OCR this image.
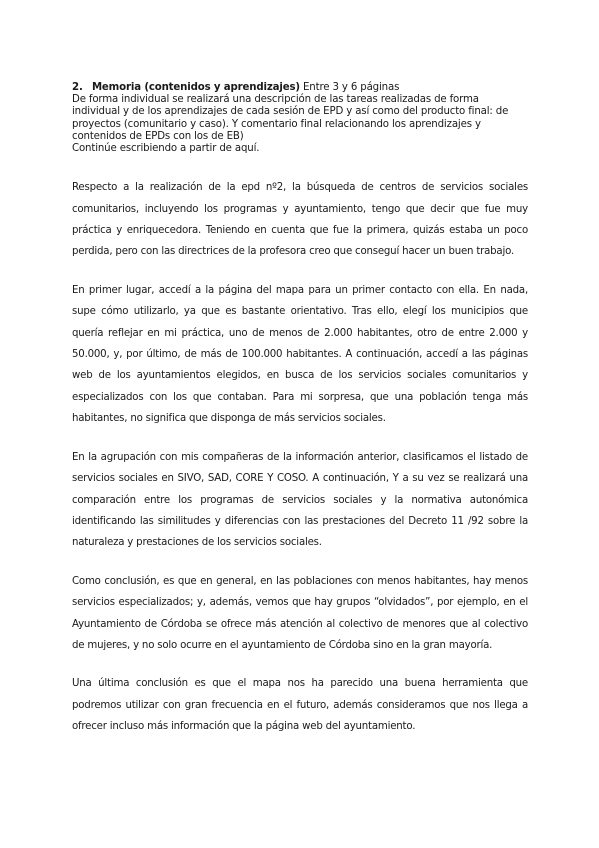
2. Memoria (contenidos y aprendizajes) Entre 3 y 6 páginas

De forma individual se realizará una descripción de las tareas realizadas de forma individual y de los aprendizajes de cada sesión de EPD y así como del producto final: de proyectos (comunitario y caso). Y comentario final relacionando los aprendizajes y contenidos de EPDs con los de EB)

Continúe escribiendo a partir de aquí.

Respecto a la realización de la epd nº2, la búsqueda de centros de servicios sociales comunitarios, incluyendo los programas y ayuntamiento, tengo que decir que fue muy práctica y enriquecedora. Teniendo en cuenta que fue la primera, quizás estaba un poco perdida, pero con las directrices de la profesora creo que conseguí hacer un buen trabajo.

En primer lugar, accedí a la página del mapa para un primer contacto con ella. En nada, supe cómo utilizarlo, ya que es bastante orientativo. Tras ello, elegí los municipios que quería reflejar en mi práctica, uno de menos de 2.000 habitantes, otro de entre 2.000 y 50.000, y, por último, de más de 100.000 habitantes. A continuación, accedí a las páginas web de los ayuntamientos elegidos, en busca de los servicios sociales comunitarios y especializados con los que contaban. Para mi sorpresa, que una población tenga más habitantes, no significa que disponga de más servicios sociales.

En la agrupación con mis compañeras de la información anterior, clasificamos el listado de servicios sociales en SIVO, SAD, CORE Y COSO. A continuación, Y a su vez se realizará una comparación entre los programas de servicios sociales y la normativa autonómica identificando las similitudes y diferencias con las prestaciones del Decreto 11 /92 sobre la naturaleza y prestaciones de los servicios sociales.

Como conclusión, es que en general, en las poblaciones con menos habitantes, hay menos servicios especializados; y, además, vemos que hay grupos “olvidados”, por ejemplo, en el Ayuntamiento de Córdoba se ofrece más atención al colectivo de menores que al colectivo de mujeres, y no solo ocurre en el ayuntamiento de Córdoba sino en la gran mayoría.

Una última conclusión es que el mapa nos ha parecido una buena herramienta que podremos utilizar con gran frecuencia en el futuro, además consideramos que nos llega a ofrecer incluso más información que la página web del ayuntamiento.
